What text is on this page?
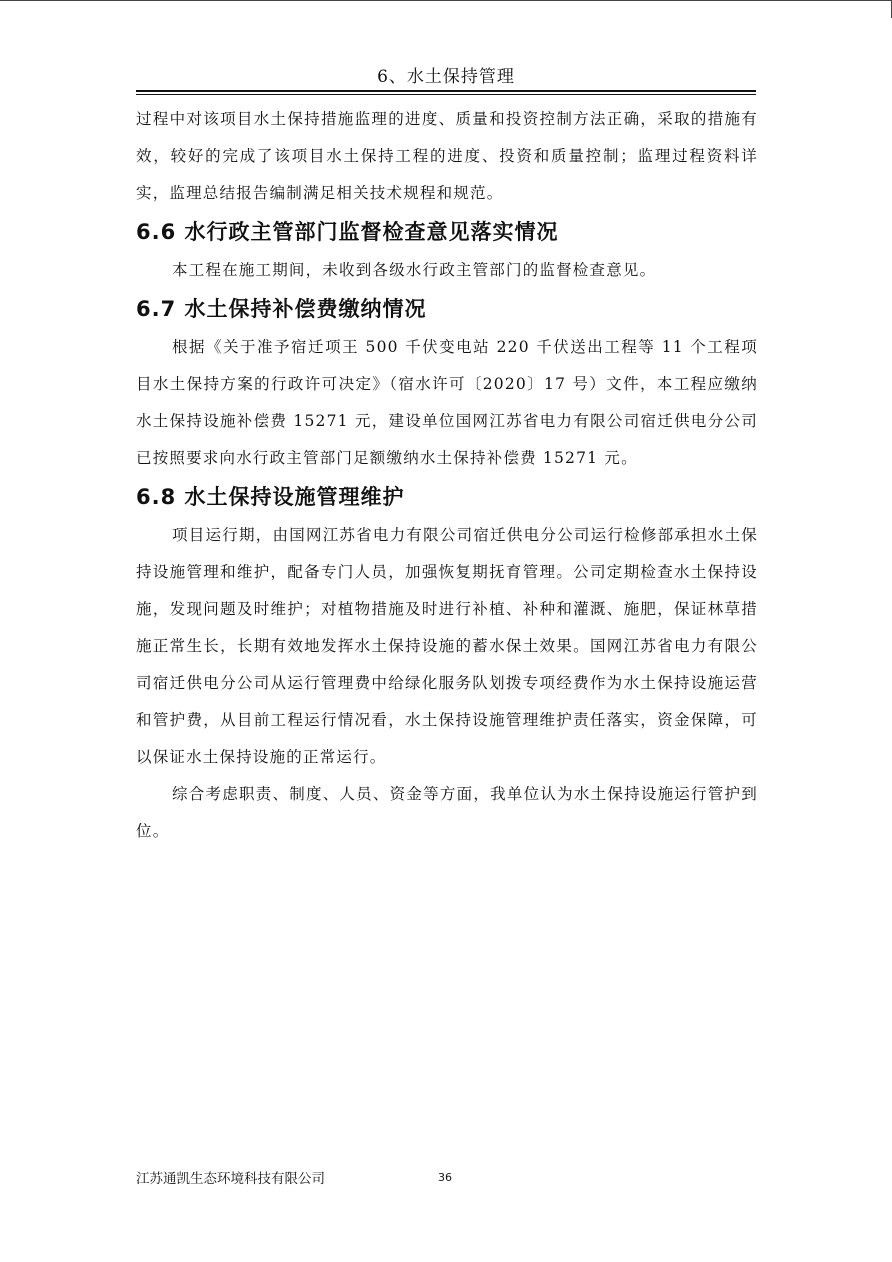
6、水土保持管理

过程中对该项目水土保持措施监理的进度、质量和投资控制方法正确，采取的措施有效，较好的完成了该项目水土保持工程的进度、投资和质量控制；监理过程资料详实，监理总结报告编制满足相关技术规程和规范。

6.6 水行政主管部门监督检查意见落实情况

本工程在施工期间，未收到各级水行政主管部门的监督检查意见。

6.7 水土保持补偿费缴纳情况

根据《关于准予宿迁项王 500 千伏变电站 220 千伏送出工程等 11 个工程项目水土保持方案的行政许可决定》（宿水许可〔2020〕17 号）文件，本工程应缴纳水土保持设施补偿费 15271 元，建设单位国网江苏省电力有限公司宿迁供电分公司已按照要求向水行政主管部门足额缴纳水土保持补偿费 15271 元。

6.8 水土保持设施管理维护

项目运行期，由国网江苏省电力有限公司宿迁供电分公司运行检修部承担水土保持设施管理和维护，配备专门人员，加强恢复期抚育管理。公司定期检查水土保持设施，发现问题及时维护；对植物措施及时进行补植、补种和灌溉、施肥，保证林草措施正常生长，长期有效地发挥水土保持设施的蓄水保土效果。国网江苏省电力有限公司宿迁供电分公司从运行管理费中给绿化服务队划拨专项经费作为水土保持设施运营和管护费，从目前工程运行情况看，水土保持设施管理维护责任落实，资金保障，可以保证水土保持设施的正常运行。

综合考虑职责、制度、人员、资金等方面，我单位认为水土保持设施运行管护到位。

江苏通凯生态环境科技有限公司	36
